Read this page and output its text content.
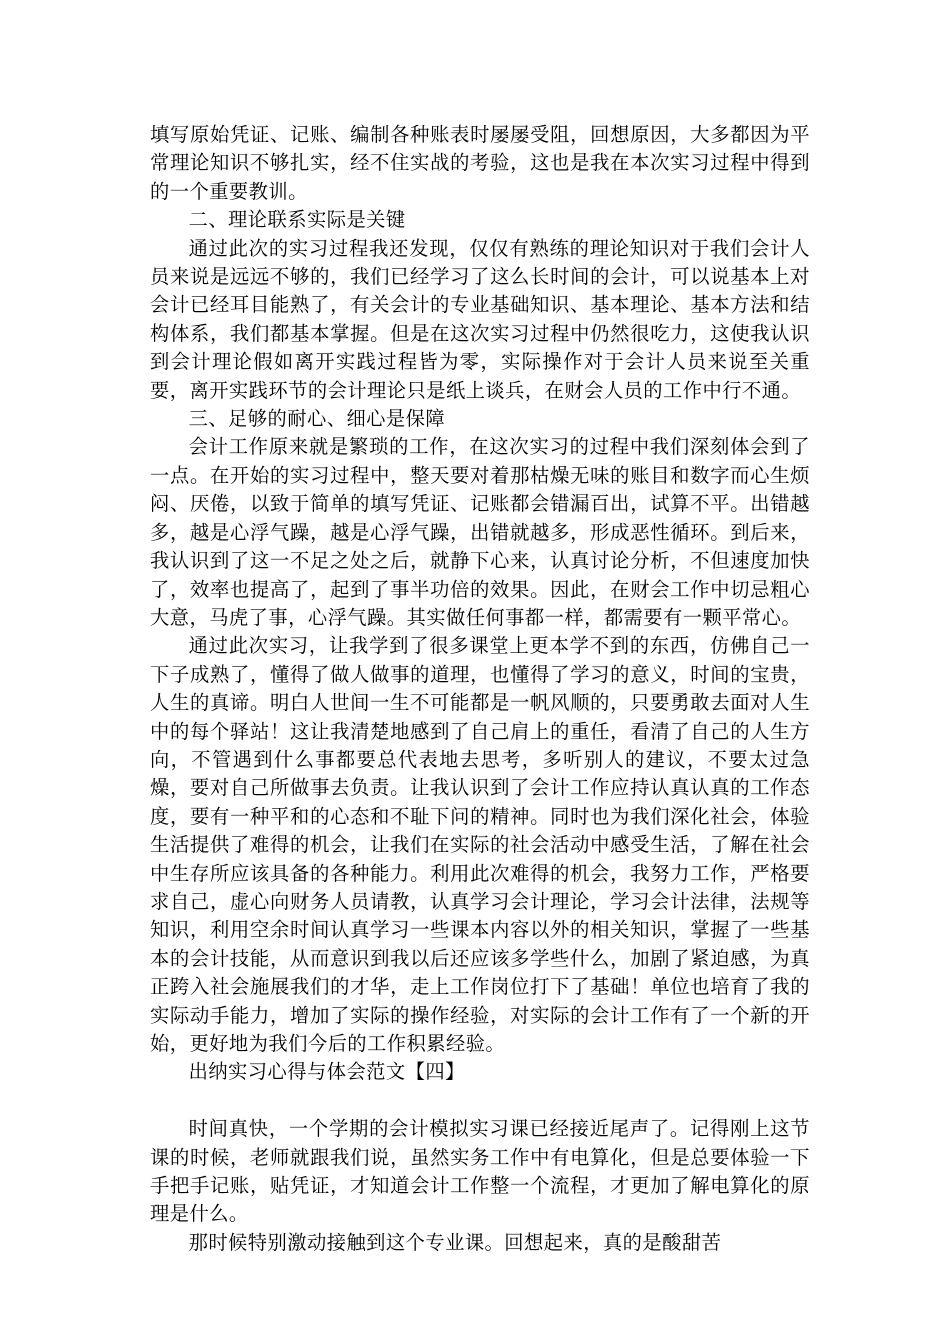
填写原始凭证、记账、编制各种账表时屡屡受阻，回想原因，大多都因为平常理论知识不够扎实，经不住实战的考验，这也是我在本次实习过程中得到的一个重要教训。

二、理论联系实际是关键

通过此次的实习过程我还发现，仅仅有熟练的理论知识对于我们会计人员来说是远远不够的，我们已经学习了这么长时间的会计，可以说基本上对会计已经耳目能熟了，有关会计的专业基础知识、基本理论、基本方法和结构体系，我们都基本掌握。但是在这次实习过程中仍然很吃力，这使我认识到会计理论假如离开实践过程皆为零，实际操作对于会计人员来说至关重要，离开实践环节的会计理论只是纸上谈兵，在财会人员的工作中行不通。

三、足够的耐心、细心是保障

会计工作原来就是繁琐的工作，在这次实习的过程中我们深刻体会到了一点。在开始的实习过程中，整天要对着那枯燥无味的账目和数字而心生烦闷、厌倦，以致于简单的填写凭证、记账都会错漏百出，试算不平。出错越多，越是心浮气躁，越是心浮气躁，出错就越多，形成恶性循环。到后来，我认识到了这一不足之处之后，就静下心来，认真讨论分析，不但速度加快了，效率也提高了，起到了事半功倍的效果。因此，在财会工作中切忌粗心大意，马虎了事，心浮气躁。其实做任何事都一样，都需要有一颗平常心。

通过此次实习，让我学到了很多课堂上更本学不到的东西，仿佛自己一下子成熟了，懂得了做人做事的道理，也懂得了学习的意义，时间的宝贵，人生的真谛。明白人世间一生不可能都是一帆风顺的，只要勇敢去面对人生中的每个驿站！这让我清楚地感到了自己肩上的重任，看清了自己的人生方向，不管遇到什么事都要总代表地去思考，多听别人的建议，不要太过急燥，要对自己所做事去负责。让我认识到了会计工作应持认真认真的工作态度，要有一种平和的心态和不耻下问的精神。同时也为我们深化社会，体验生活提供了难得的机会，让我们在实际的社会活动中感受生活，了解在社会中生存所应该具备的各种能力。利用此次难得的机会，我努力工作，严格要求自己，虚心向财务人员请教，认真学习会计理论，学习会计法律，法规等知识，利用空余时间认真学习一些课本内容以外的相关知识，掌握了一些基本的会计技能，从而意识到我以后还应该多学些什么，加剧了紧迫感，为真正跨入社会施展我们的才华，走上工作岗位打下了基础！单位也培育了我的实际动手能力，增加了实际的操作经验，对实际的会计工作有了一个新的开始，更好地为我们今后的工作积累经验。

出纳实习心得与体会范文【四】

时间真快，一个学期的会计模拟实习课已经接近尾声了。记得刚上这节课的时候，老师就跟我们说，虽然实务工作中有电算化，但是总要体验一下手把手记账，贴凭证，才知道会计工作整一个流程，才更加了解电算化的原理是什么。

那时候特别激动接触到这个专业课。回想起来，真的是酸甜苦
